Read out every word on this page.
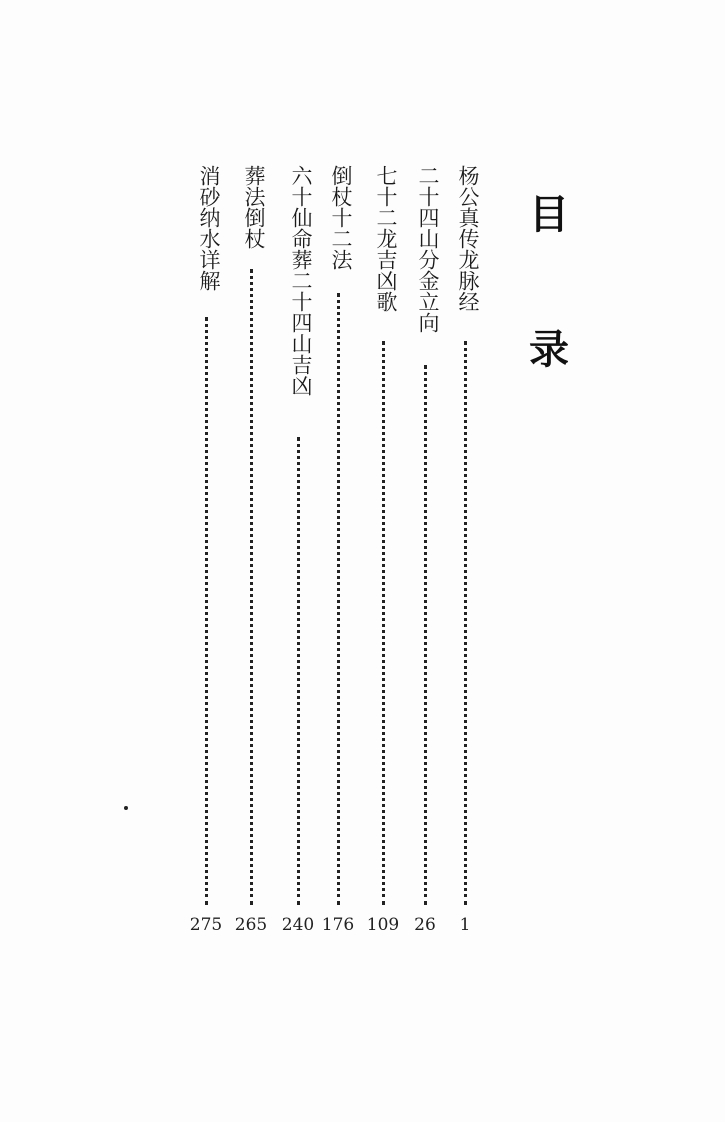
目
录
杨公真传龙脉经
1
二十四山分金立向
26
七十二龙吉凶歌
109
倒杖十二法
176
六十仙命葬二十四山吉凶
240
葬法倒杖
265
消砂纳水详解
275
